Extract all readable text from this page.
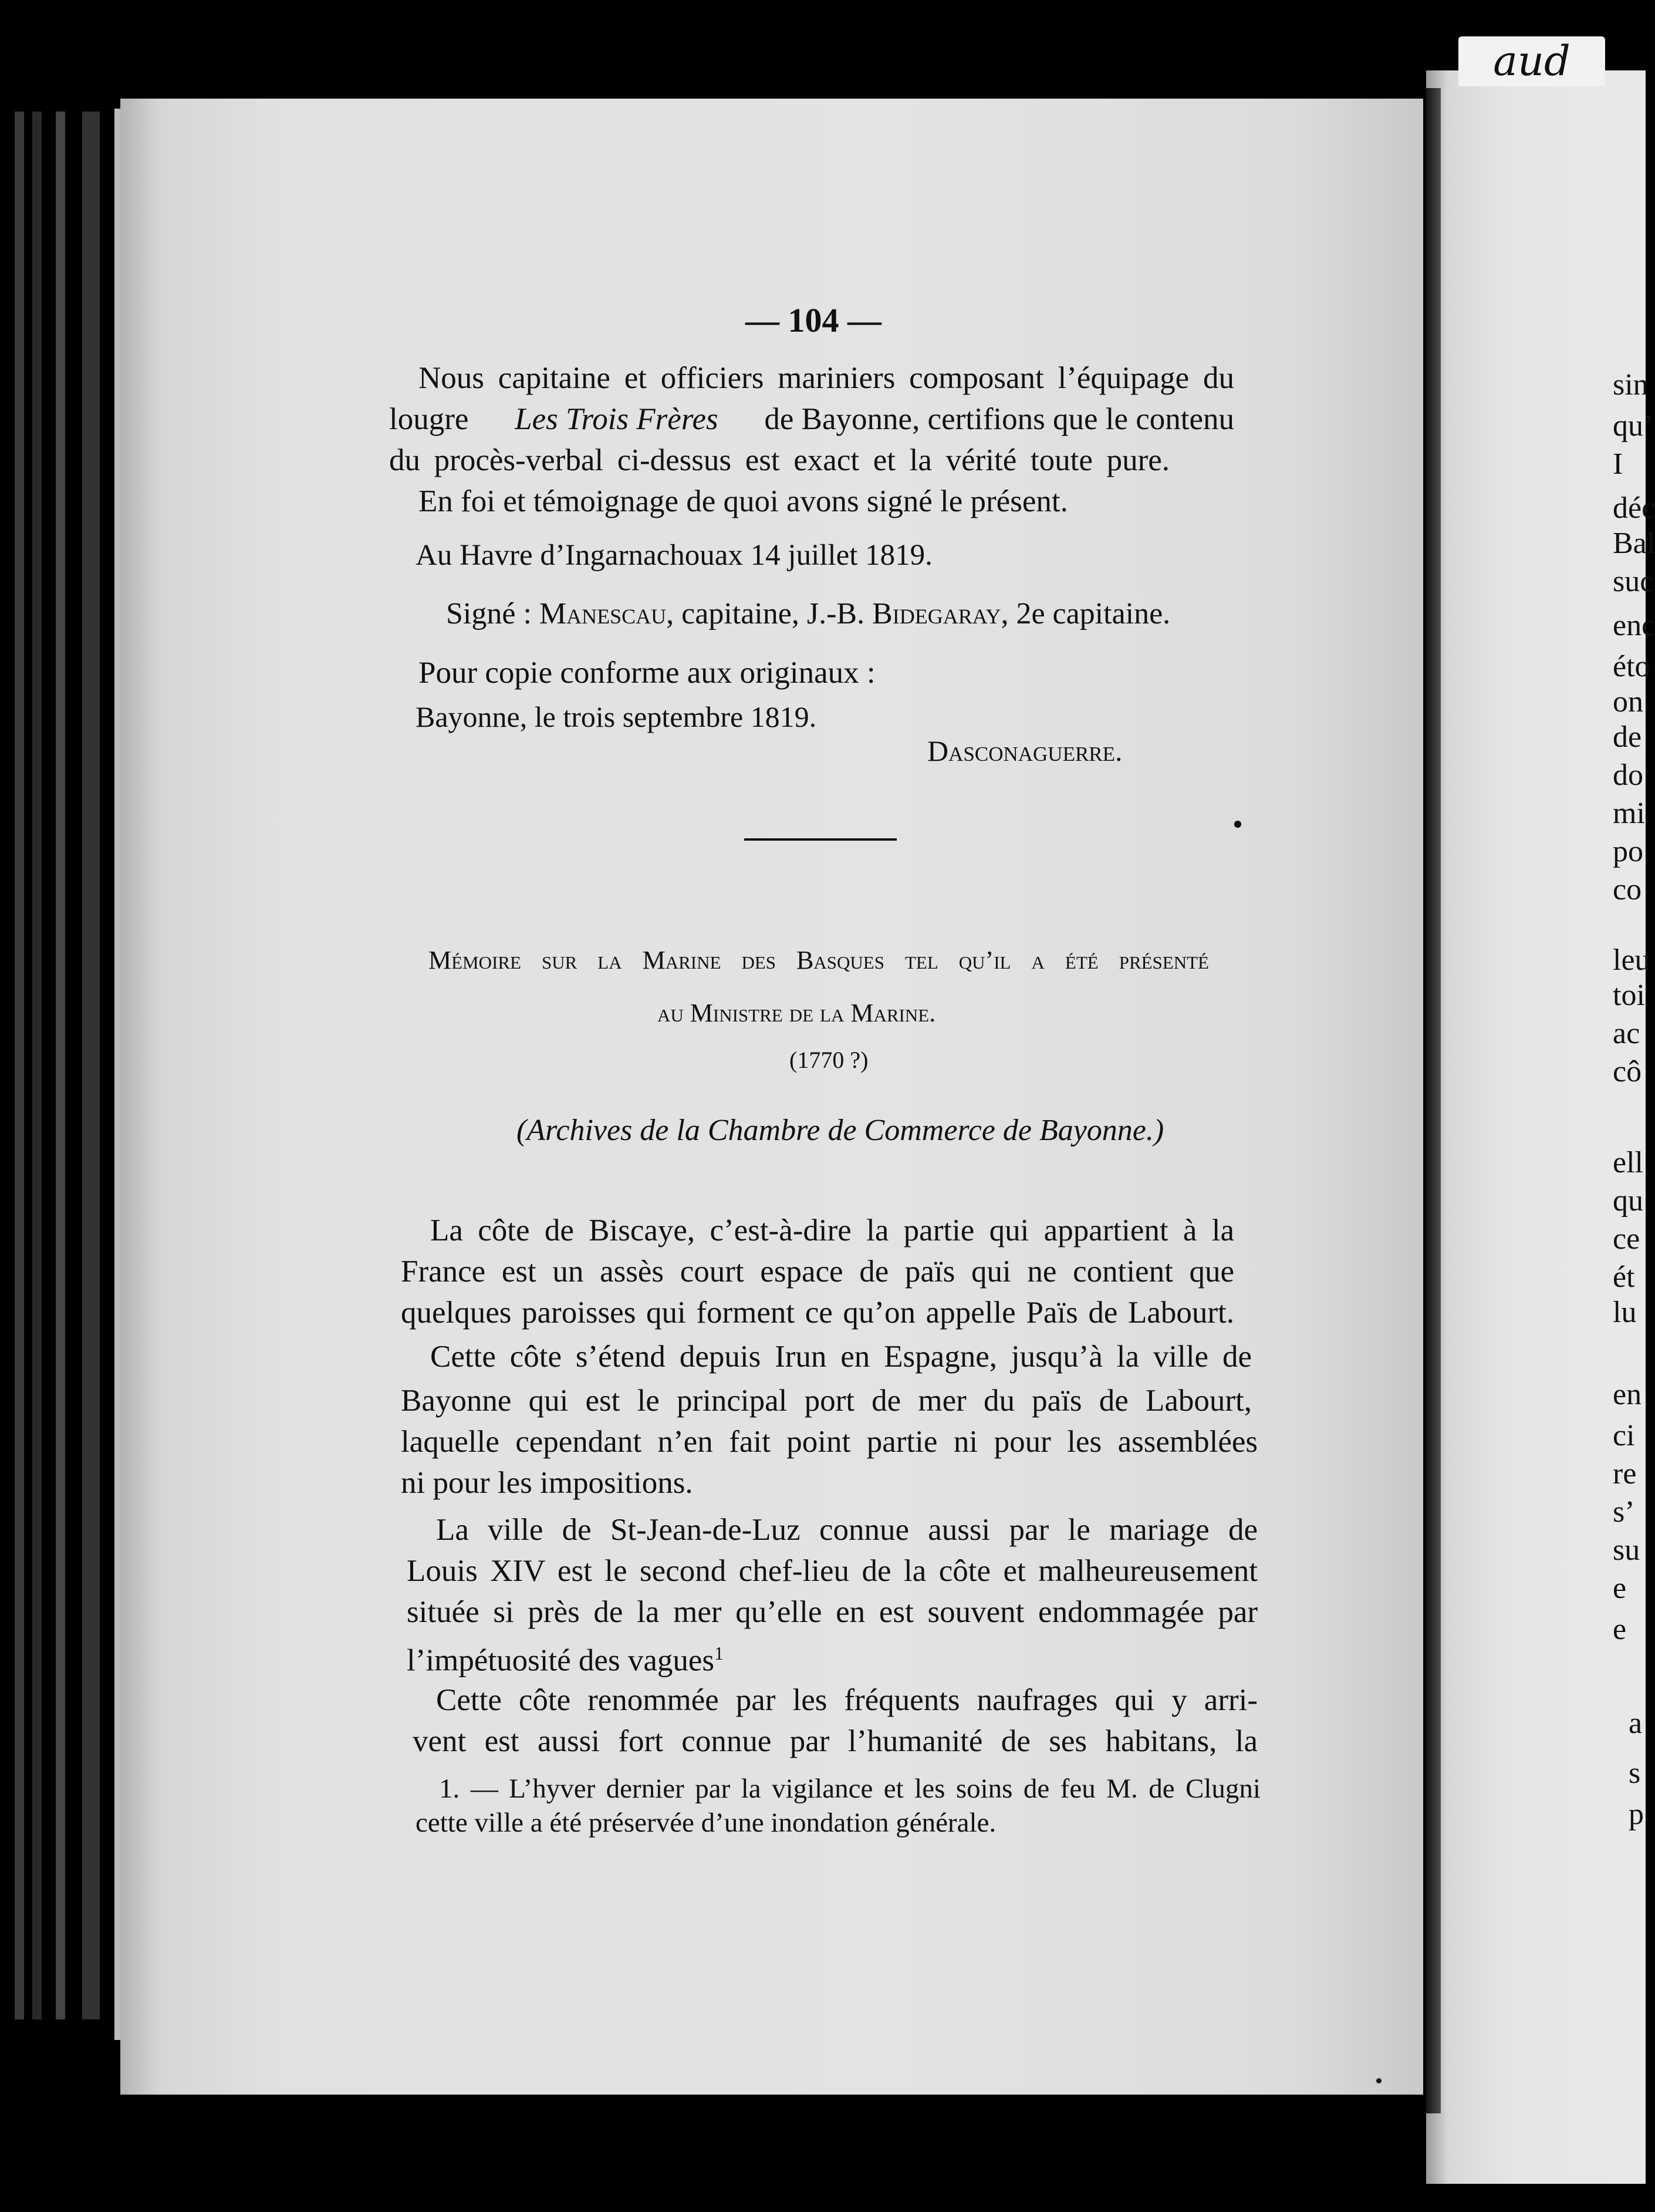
aud
sin
qu’
I
déc
Bal
suc
enc
éto
on
de
do
mi
po
co
leu
toi
ac
cô
ell
qu
ce
ét
lu
en
ci
re
s’
su
e
e
a
s
p
— 104 —
Nous capitaine et officiers mariniers composant l’équipage du
lougre Les Trois Frères de Bayonne, certifions que le contenu
du procès-verbal ci-dessus est exact et la vérité toute pure.
En foi et témoignage de quoi avons signé le présent.
Au Havre d’Ingarnachouax 14 juillet 1819.
Signé : Manescau, capitaine, J.-B. Bidegaray, 2e capitaine.
Pour copie conforme aux originaux :
Bayonne, le trois septembre 1819.
Dasconaguerre.
Mémoire sur la Marine des Basques tel qu’il a été présenté
au Ministre de la Marine.
(1770 ?)
(Archives de la Chambre de Commerce de Bayonne.)
La côte de Biscaye, c’est-à-dire la partie qui appartient à la
France est un assès court espace de païs qui ne contient que
quelques paroisses qui forment ce qu’on appelle Païs de Labourt.
Cette côte s’étend depuis Irun en Espagne, jusqu’à la ville de
Bayonne qui est le principal port de mer du païs de Labourt,
laquelle cependant n’en fait point partie ni pour les assemblées
ni pour les impositions.
La ville de St-Jean-de-Luz connue aussi par le mariage de
Louis XIV est le second chef-lieu de la côte et malheureusement
située si près de la mer qu’elle en est souvent endommagée par
l’impétuosité des vagues$^1$
Cette côte renommée par les fréquents naufrages qui y arri-
vent est aussi fort connue par l’humanité de ses habitans, la
1. — L’hyver dernier par la vigilance et les soins de feu M. de Clugni
cette ville a été préservée d’une inondation générale.
